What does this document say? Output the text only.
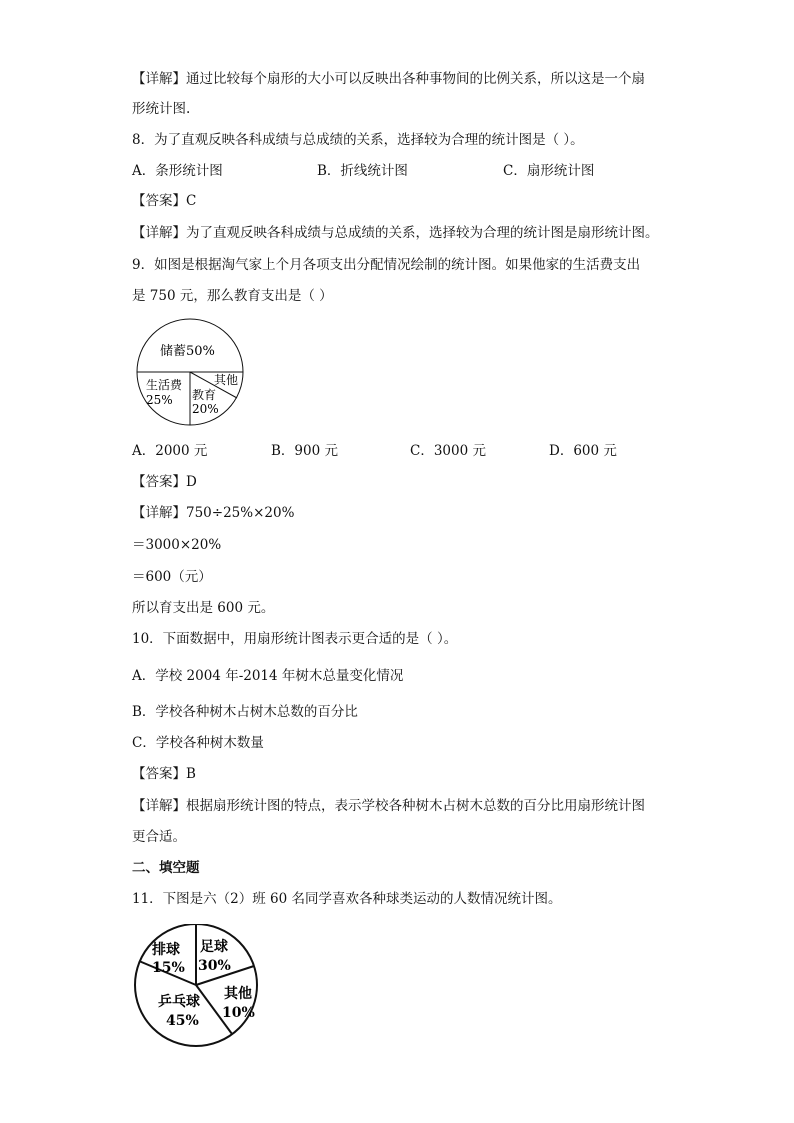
【详解】通过比较每个扇形的大小可以反映出各种事物间的比例关系，所以这是一个扇
形统计图.
8．为了直观反映各科成绩与总成绩的关系，选择较为合理的统计图是（ ）。
A．条形统计图	B．折线统计图	C．扇形统计图
【答案】C
【详解】为了直观反映各科成绩与总成绩的关系，选择较为合理的统计图是扇形统计图。
9．如图是根据淘气家上个月各项支出分配情况绘制的统计图。如果他家的生活费支出
是 750 元，那么教育支出是（ ）
储蓄50%
其他
生活费
25% 教育
20%
A．2000 元	B．900 元	C．3000 元	D．600 元
【答案】D
【详解】750÷25%×20%
＝3000×20%
＝600（元）
所以育支出是 600 元。
10．下面数据中，用扇形统计图表示更合适的是（ ）。
A．学校 2004 年-2014 年树木总量变化情况
B．学校各种树木占树木总数的百分比
C．学校各种树木数量
【答案】B
【详解】根据扇形统计图的特点，表示学校各种树木占树木总数的百分比用扇形统计图
更合适。
二、填空题
11．下图是六（2）班 60 名同学喜欢各种球类运动的人数情况统计图。
排球
15%
足球
30%
其他
10%
乒乓球
45%
